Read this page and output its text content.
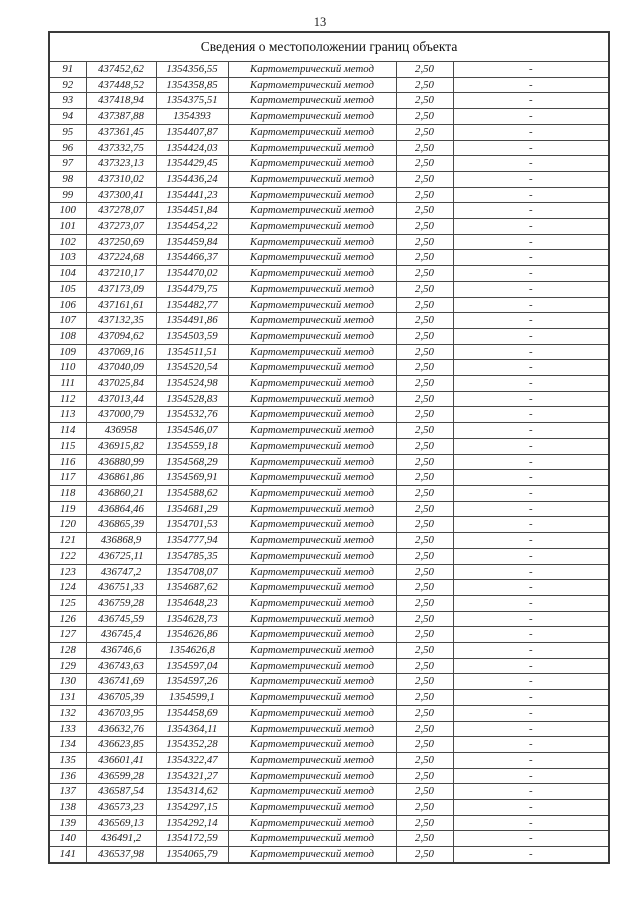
13
Сведения о местоположении границ объекта					
91	437452,62	1354356,55	Картометрический метод	2,50	-
92	437448,52	1354358,85	Картометрический метод	2,50	-
93	437418,94	1354375,51	Картометрический метод	2,50	-
94	437387,88	1354393	Картометрический метод	2,50	-
95	437361,45	1354407,87	Картометрический метод	2,50	-
96	437332,75	1354424,03	Картометрический метод	2,50	-
97	437323,13	1354429,45	Картометрический метод	2,50	-
98	437310,02	1354436,24	Картометрический метод	2,50	-
99	437300,41	1354441,23	Картометрический метод	2,50	-
100	437278,07	1354451,84	Картометрический метод	2,50	-
101	437273,07	1354454,22	Картометрический метод	2,50	-
102	437250,69	1354459,84	Картометрический метод	2,50	-
103	437224,68	1354466,37	Картометрический метод	2,50	-
104	437210,17	1354470,02	Картометрический метод	2,50	-
105	437173,09	1354479,75	Картометрический метод	2,50	-
106	437161,61	1354482,77	Картометрический метод	2,50	-
107	437132,35	1354491,86	Картометрический метод	2,50	-
108	437094,62	1354503,59	Картометрический метод	2,50	-
109	437069,16	1354511,51	Картометрический метод	2,50	-
110	437040,09	1354520,54	Картометрический метод	2,50	-
111	437025,84	1354524,98	Картометрический метод	2,50	-
112	437013,44	1354528,83	Картометрический метод	2,50	-
113	437000,79	1354532,76	Картометрический метод	2,50	-
114	436958	1354546,07	Картометрический метод	2,50	-
115	436915,82	1354559,18	Картометрический метод	2,50	-
116	436880,99	1354568,29	Картометрический метод	2,50	-
117	436861,86	1354569,91	Картометрический метод	2,50	-
118	436860,21	1354588,62	Картометрический метод	2,50	-
119	436864,46	1354681,29	Картометрический метод	2,50	-
120	436865,39	1354701,53	Картометрический метод	2,50	-
121	436868,9	1354777,94	Картометрический метод	2,50	-
122	436725,11	1354785,35	Картометрический метод	2,50	-
123	436747,2	1354708,07	Картометрический метод	2,50	-
124	436751,33	1354687,62	Картометрический метод	2,50	-
125	436759,28	1354648,23	Картометрический метод	2,50	-
126	436745,59	1354628,73	Картометрический метод	2,50	-
127	436745,4	1354626,86	Картометрический метод	2,50	-
128	436746,6	1354626,8	Картометрический метод	2,50	-
129	436743,63	1354597,04	Картометрический метод	2,50	-
130	436741,69	1354597,26	Картометрический метод	2,50	-
131	436705,39	1354599,1	Картометрический метод	2,50	-
132	436703,95	1354458,69	Картометрический метод	2,50	-
133	436632,76	1354364,11	Картометрический метод	2,50	-
134	436623,85	1354352,28	Картометрический метод	2,50	-
135	436601,41	1354322,47	Картометрический метод	2,50	-
136	436599,28	1354321,27	Картометрический метод	2,50	-
137	436587,54	1354314,62	Картометрический метод	2,50	-
138	436573,23	1354297,15	Картометрический метод	2,50	-
139	436569,13	1354292,14	Картометрический метод	2,50	-
140	436491,2	1354172,59	Картометрический метод	2,50	-
141	436537,98	1354065,79	Картометрический метод	2,50	-
